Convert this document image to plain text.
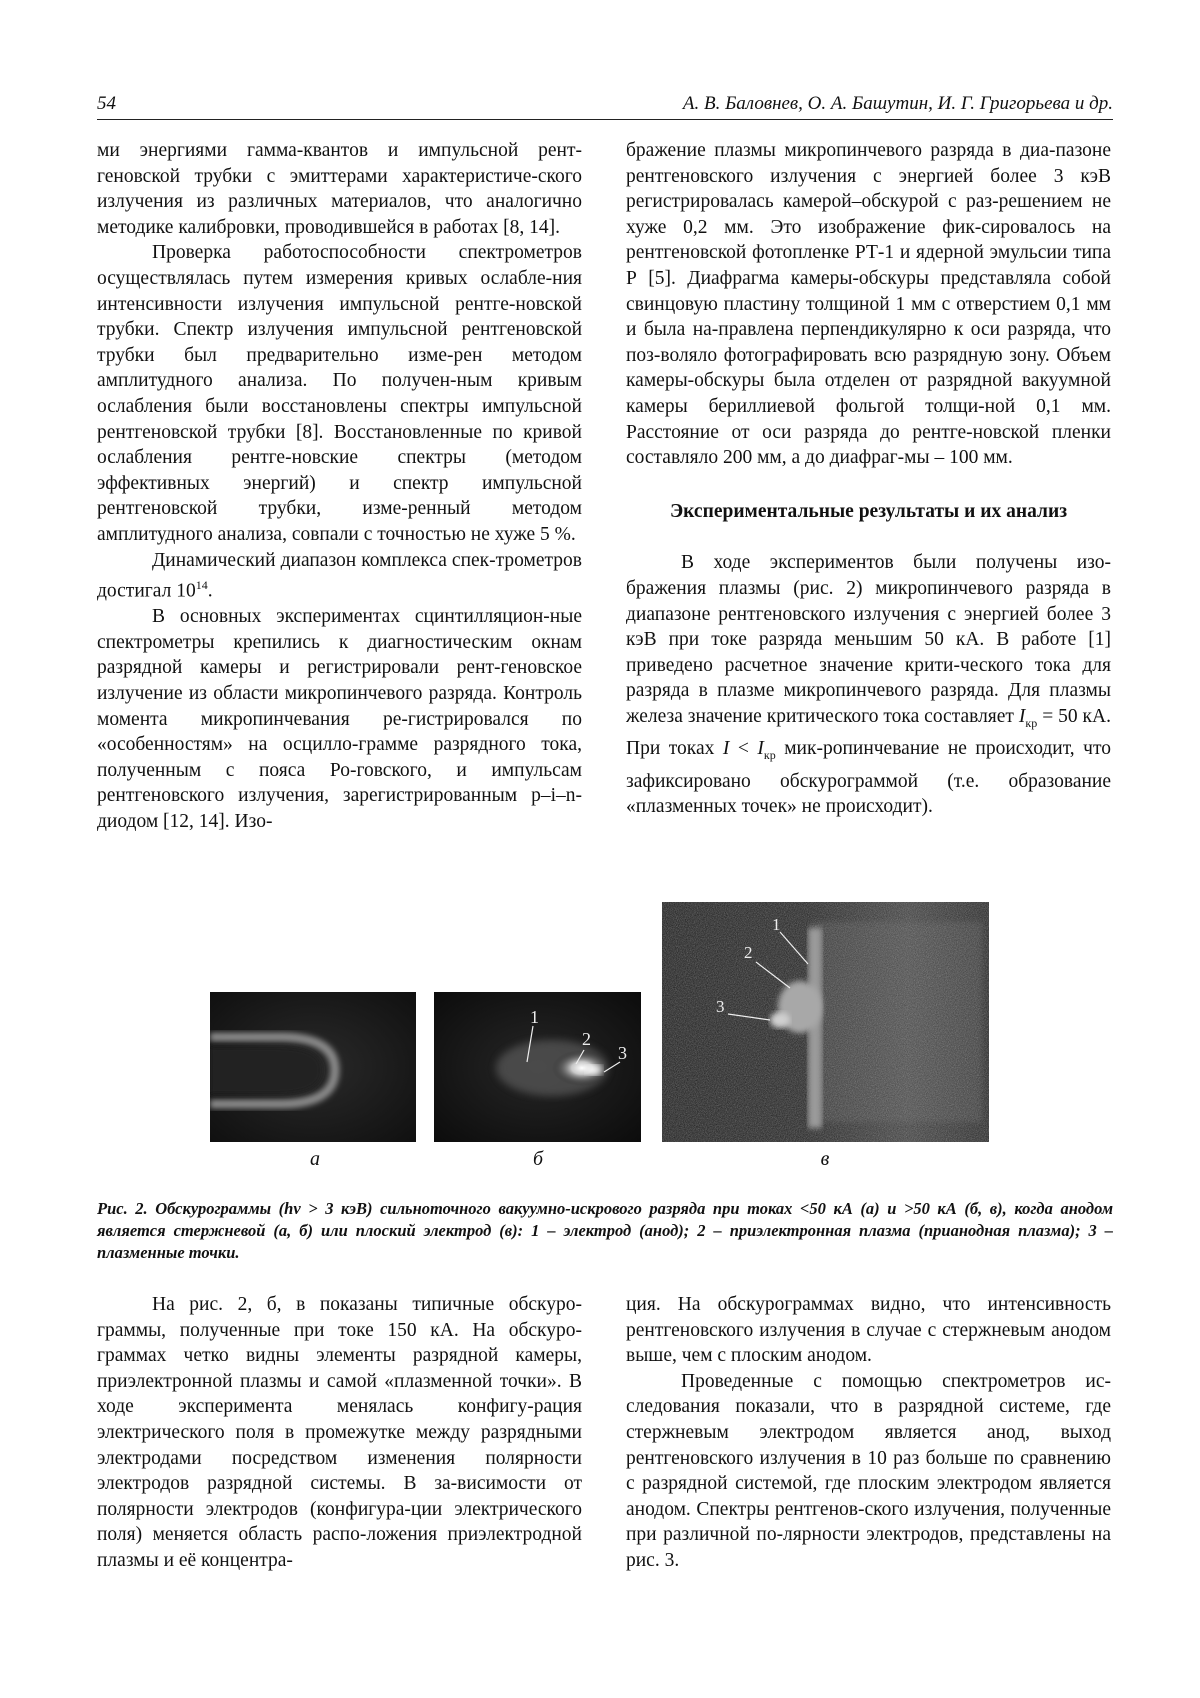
54	А. В. Баловнев, О. А. Башутин, И. Г. Григорьева и др.

ми энергиями гамма-квантов и импульсной рент-геновской трубки с эмиттерами характеристиче-ского излучения из различных материалов, что аналогично методике калибровки, проводившейся в работах [8, 14].

Проверка работоспособности спектрометров осуществлялась путем измерения кривых ослабле-ния интенсивности излучения импульсной рентге-новской трубки. Спектр излучения импульсной рентгеновской трубки был предварительно изме-рен методом амплитудного анализа. По получен-ным кривым ослабления были восстановлены спектры импульсной рентгеновской трубки [8]. Восстановленные по кривой ослабления рентге-новские спектры (методом эффективных энергий) и спектр импульсной рентгеновской трубки, изме-ренный методом амплитудного анализа, совпали с точностью не хуже 5 %.

Динамический диапазон комплекса спек-трометров достигал $10^{14}$.

В основных экспериментах сцинтилляцион-ные спектрометры крепились к диагностическим окнам разрядной камеры и регистрировали рент-геновское излучение из области микропинчевого разряда. Контроль момента микропинчевания ре-гистрировался по «особенностям» на осцилло-грамме разрядного тока, полученным с пояса Ро-говского, и импульсам рентгеновского излучения, зарегистрированным p–i–n-диодом [12, 14]. Изо-

бражение плазмы микропинчевого разряда в диа-пазоне рентгеновского излучения с энергией более 3 кэВ регистрировалась камерой–обскурой с раз-решением не хуже 0,2 мм. Это изображение фик-сировалось на рентгеновской фотопленке РТ-1 и ядерной эмульсии типа Р [5]. Диафрагма камеры-обскуры представляла собой свинцовую пластину толщиной 1 мм с отверстием 0,1 мм и была на-правлена перпендикулярно к оси разряда, что поз-воляло фотографировать всю разрядную зону. Объем камеры-обскуры была отделен от разрядной вакуумной камеры бериллиевой фольгой толщи-ной 0,1 мм. Расстояние от оси разряда до рентге-новской пленки составляло 200 мм, а до диафраг-мы – 100 мм.

Экспериментальные результаты и их анализ

В ходе экспериментов были получены изо-бражения плазмы (рис. 2) микропинчевого разряда в диапазоне рентгеновского излучения с энергией более 3 кэВ при токе разряда меньшим 50 кА. В работе [1] приведено расчетное значение крити-ческого тока для разряда в плазме микропинчевого разряда. Для плазмы железа значение критического тока составляет $I_{кр} = 50$ кА. При токах $I < I_{кр}$ мик-ропинчевание не происходит, что зафиксировано обскурограммой (т.е. образование «плазменных точек» не происходит).

а
1
2
3
б
1
2
3
в
Рис. 2. Обскурограммы (hν > 3 кэВ) сильноточного вакуумно-искрового разряда при токах <50 кА (а) и >50 кА (б, в), когда анодом является стержневой (а, б) или плоский электрод (в): 1 – электрод (анод); 2 – приэлектронная плазма (прианодная плазма); 3 – плазменные точки.

На рис. 2, б, в показаны типичные обскуро-граммы, полученные при токе 150 кА. На обскуро-граммах четко видны элементы разрядной камеры, приэлектронной плазмы и самой «плазменной точки». В ходе эксперимента менялась конфигу-рация электрического поля в промежутке между разрядными электродами посредством изменения полярности электродов разрядной системы. В за-висимости от полярности электродов (конфигура-ции электрического поля) меняется область распо-ложения приэлектродной плазмы и её концентра-

ция. На обскурограммах видно, что интенсивность рентгеновского излучения в случае с стержневым анодом выше, чем с плоским анодом.

Проведенные с помощью спектрометров ис-следования показали, что в разрядной системе, где стержневым электродом является анод, выход рентгеновского излучения в 10 раз больше по сравнению с разрядной системой, где плоским электродом является анодом. Спектры рентгенов-ского излучения, полученные при различной по-лярности электродов, представлены на рис. 3.
